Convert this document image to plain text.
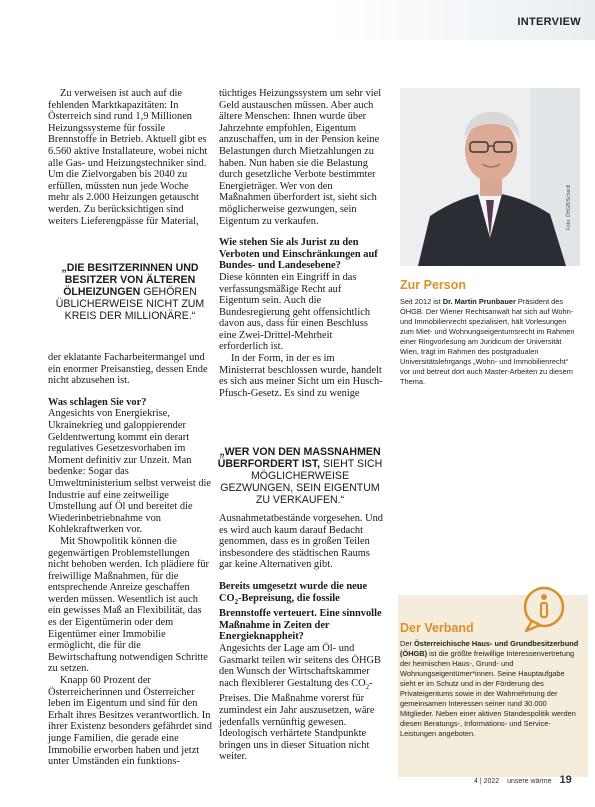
INTERVIEW

Zu verweisen ist auch auf die fehlenden Marktkapazitäten: In Österreich sind rund 1,9 Millionen Heizungssysteme für fossile Brennstoffe in Betrieb. Aktuell gibt es 6.560 aktive Installateure, wobei nicht alle Gas- und Heizungstechniker sind. Um die Zielvorgaben bis 2040 zu erfüllen, müssten nun jede Woche mehr als 2.000 Heizungen getauscht werden. Zu berücksichtigen sind weiters Lieferengpässe für Material,

„DIE BESITZERINNEN UND BESITZER VON ÄLTEREN ÖLHEIZUNGEN GEHÖREN ÜBLICHERWEISE NICHT ZUM KREIS DER MILLIONÄRE.“

der eklatante Facharbeitermangel und ein enormer Preisanstieg, dessen Ende nicht abzusehen ist.

Was schlagen Sie vor?

Angesichts von Energiekrise, Ukrainekrieg und galoppierender Geldentwertung kommt ein derart regulatives Gesetzesvorhaben im Moment definitiv zur Unzeit. Man bedenke: Sogar das Umweltministerium selbst verweist die Industrie auf eine zeitweilige Umstellung auf Öl und bereitet die Wiederinbetriebnahme von Kohlekraftwerken vor.

Mit Showpolitik können die gegenwärtigen Problemstellungen nicht behoben werden. Ich plädiere für freiwillige Maßnahmen, für die entsprechende Anreize geschaffen werden müssen. Wesentlich ist auch ein gewisses Maß an Flexibilität, das es der Eigentümerin oder dem Eigentümer einer Immobilie ermöglicht, die für die Bewirtschaftung notwendigen Schritte zu setzen.

Knapp 60 Prozent der Österreicherinnen und Österreicher leben im Eigentum und sind für den Erhalt ihres Besitzes verantwortlich. In ihrer Existenz besonders gefährdet sind junge Familien, die gerade eine Immobilie erworben haben und jetzt unter Umständen ein funktions-

tüchtiges Heizungssystem um sehr viel Geld austauschen müssen. Aber auch ältere Menschen: Ihnen wurde über Jahrzehnte empfohlen, Eigentum anzuschaffen, um in der Pension keine Belastungen durch Mietzahlungen zu haben. Nun haben sie die Belastung durch gesetzliche Verbote bestimmter Energieträger. Wer von den Maßnahmen überfordert ist, sieht sich möglicherweise gezwungen, sein Eigentum zu verkaufen.

Wie stehen Sie als Jurist zu den Verboten und Einschränkungen auf Bundes- und Landesebene?

Diese könnten ein Eingriff in das verfassungsmäßige Recht auf Eigentum sein. Auch die Bundesregierung geht offensichtlich davon aus, dass für einen Beschluss eine Zwei-Drittel-Mehrheit erforderlich ist.

In der Form, in der es im Ministerrat beschlossen wurde, handelt es sich aus meiner Sicht um ein Husch-Pfusch-Gesetz. Es sind zu wenige

„WER VON DEN MASSNAHMEN ÜBERFORDERT IST, SIEHT SICH MÖGLICHERWEISE GEZWUNGEN, SEIN EIGENTUM ZU VERKAUFEN.“

Ausnahmetatbestände vorgesehen. Und es wird auch kaum darauf Bedacht genommen, dass es in großen Teilen insbesondere des städtischen Raums gar keine Alternativen gibt.

Bereits umgesetzt wurde die neue $CO_2$-Bepreisung, die fossile Brennstoffe verteuert. Eine sinnvolle Maßnahme in Zeiten der Energieknappheit?

Angesichts der Lage am Öl- und Gasmarkt teilen wir seitens des ÖHGB den Wunsch der Wirtschaftskammer nach flexiblerer Gestaltung des $CO_2$-Preises. Die Maßnahme vorerst für zumindest ein Jahr auszusetzen, wäre jedenfalls vernünftig gewesen. Ideologisch verhärtete Standpunkte bringen uns in dieser Situation nicht weiter.

Foto: ÖHGB/Scheidl
Zur Person
Seit 2012 ist Dr. Martin Prunbauer Präsident des ÖHGB. Der Wiener Rechtsanwalt hat sich auf Wohn- und Immobilienrecht spezialisiert, hält Vorlesungen zum Miet- und Wohnungseigentumsrecht im Rahmen einer Ringvorlesung am Juridicum der Universität Wien, trägt im Rahmen des postgradualen Universitätslehrgangs „Wohn- und Immobilienrecht“ vor und betreut dort auch Master-Arbeiten zu diesem Thema.
Der Verband
Der Österreichische Haus- und Grundbesitzerbund (ÖHGB) ist die größte freiwillige Interessenvertretung der heimischen Haus-, Grund- und Wohnungseigentümer*innen. Seine Hauptaufgabe sieht er im Schutz und in der Förderung des Privateigentums sowie in der Wahrnehmung der gemeinsamen Interessen seiner rund 30.000 Mitglieder. Neben einer aktiven Standespolitik werden diesen Beratungs-, Informations- und Service-Leistungen angeboten.
4 | 2022 unsere wärme 19
